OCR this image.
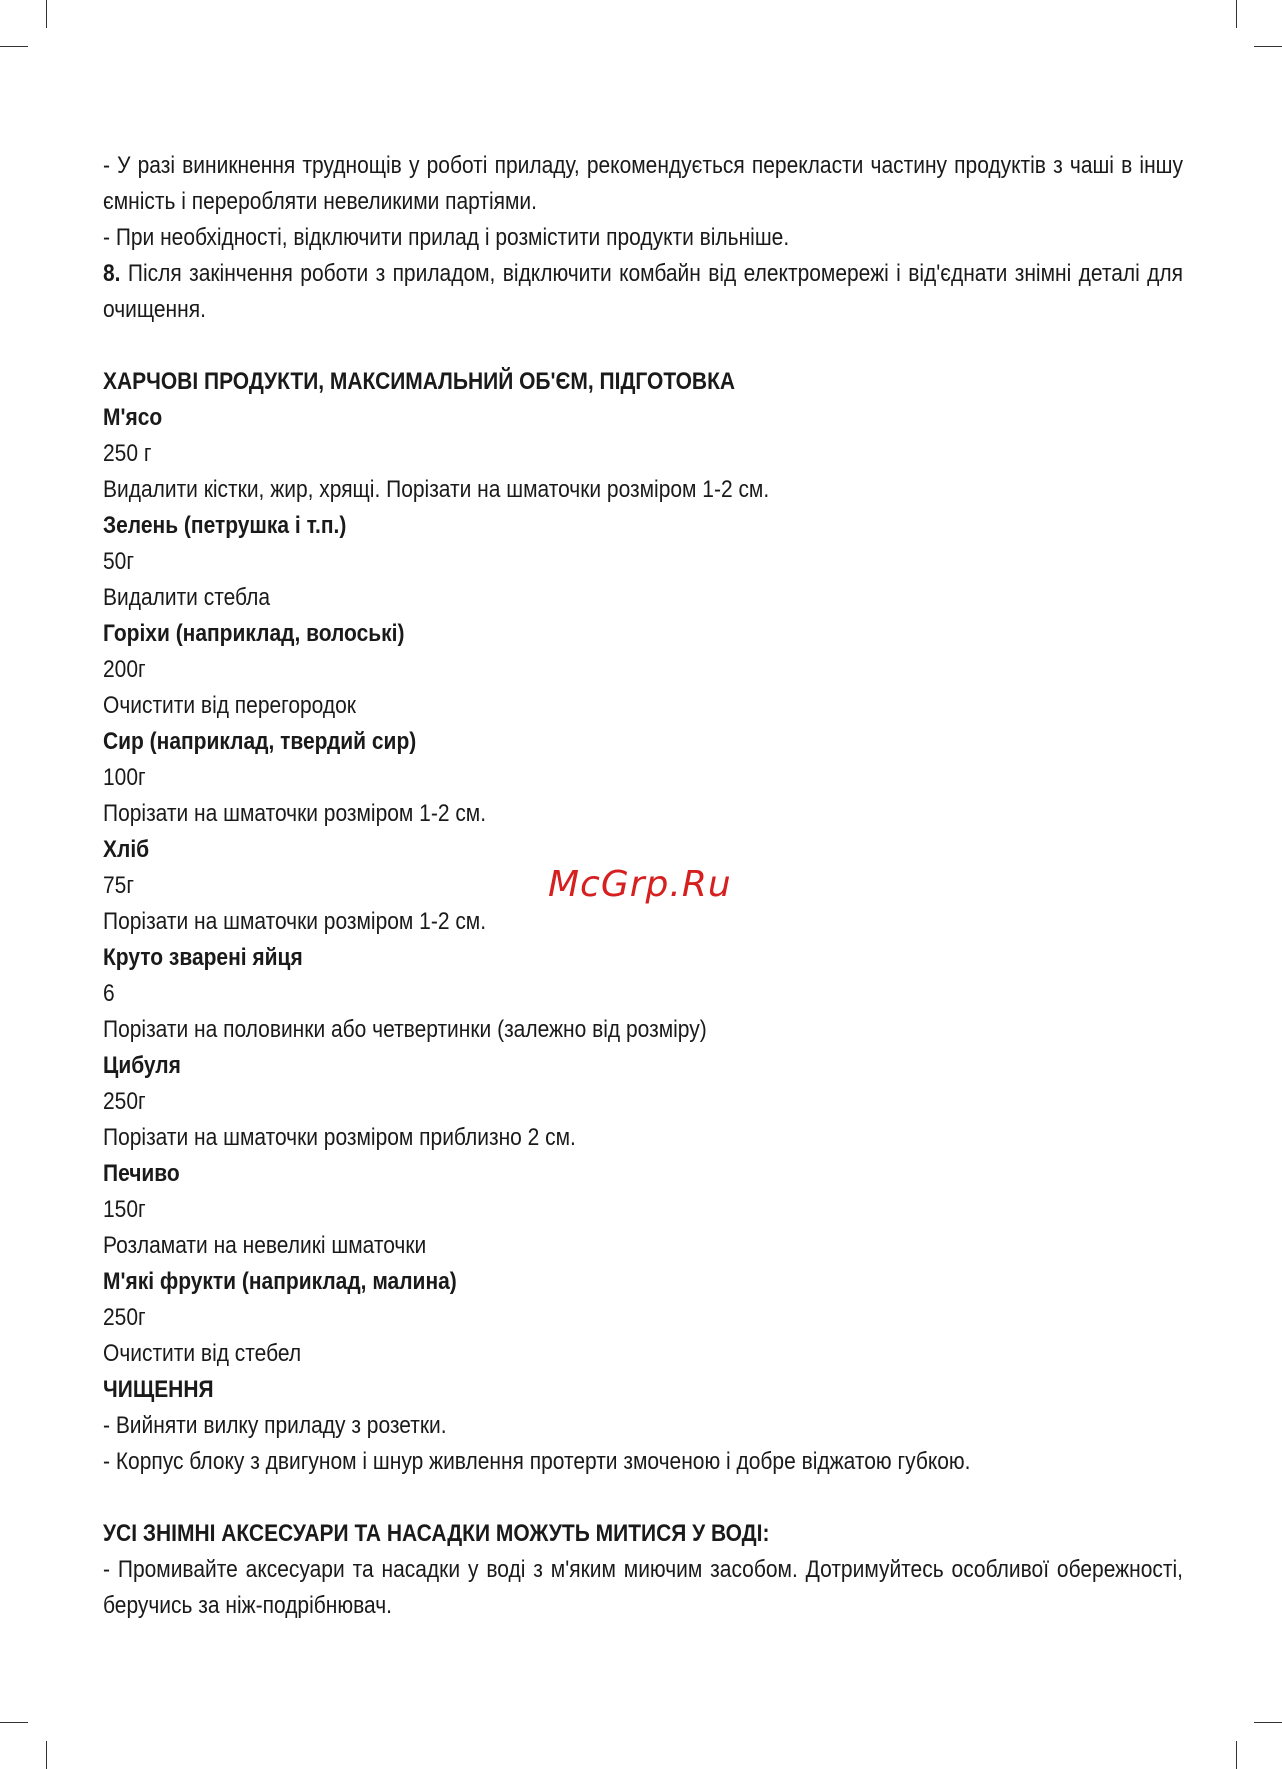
- У разі виникнення труднощів у роботі приладу, рекомендується перекласти частину продуктів з чаші в іншу ємність і переробляти невеликими партіями.

- При необхідності, відключити прилад і розмістити продукти вільніше.

8. Після закінчення роботи з приладом, відключити комбайн від електромережі і від'єднати знімні деталі для очищення.

ХАРЧОВІ ПРОДУКТИ, МАКСИМАЛЬНИЙ ОБ'ЄМ, ПІДГОТОВКА

М'ясо

250 г

Видалити кістки, жир, хрящі. Порізати на шматочки розміром 1-2 см.

Зелень (петрушка і т.п.)

50г

Видалити стебла

Горіхи (наприклад, волоські)

200г

Очистити від перегородок

Сир (наприклад, твердий сир)

100г

Порізати на шматочки розміром 1-2 см.

Хліб

75г

Порізати на шматочки розміром 1-2 см.

Круто зварені яйця

6

Порізати на половинки або четвертинки (залежно від розміру)

Цибуля

250г

Порізати на шматочки розміром приблизно 2 см.

Печиво

150г

Розламати на невеликі шматочки

М'які фрукти (наприклад, малина)

250г

Очистити від стебел

ЧИЩЕННЯ

- Вийняти вилку приладу з розетки.

- Корпус блоку з двигуном і шнур живлення протерти змоченою і добре віджатою губкою.

УСІ ЗНІМНІ АКСЕСУАРИ ТА НАСАДКИ МОЖУТЬ МИТИСЯ У ВОДІ:

- Промивайте аксесуари та насадки у воді з м'яким миючим засобом. Дотримуйтесь особливої обережності, беручись за ніж-подрібнювач.

McGrp.Ru
